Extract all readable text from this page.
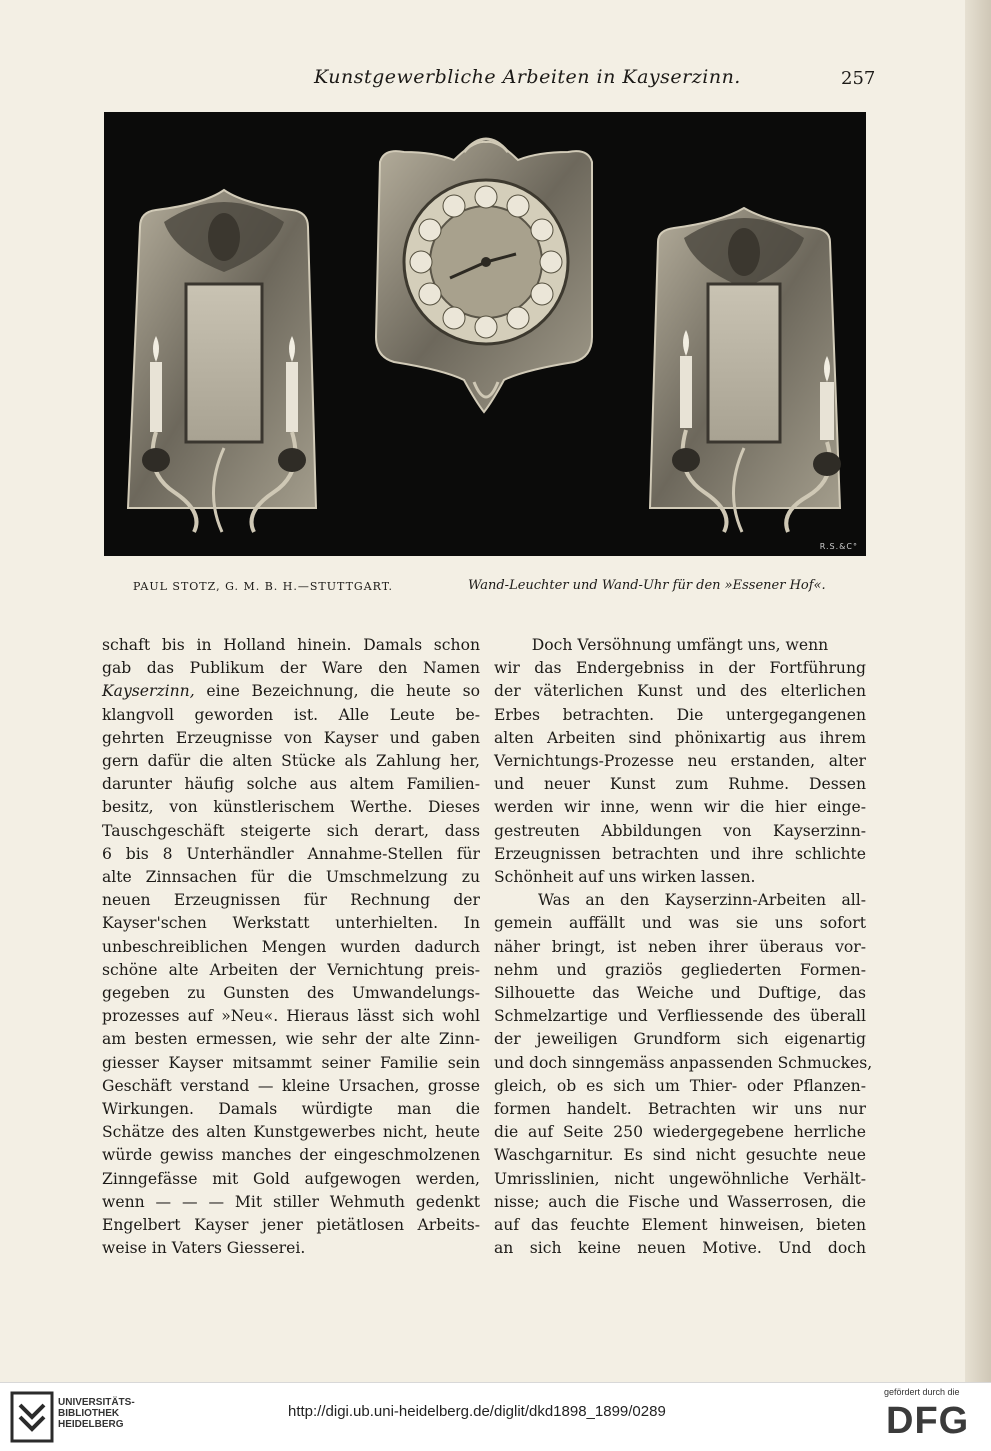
Kunstgewerbliche Arbeiten in Kayserzinn.	257
R.S.&C°
PAUL STOTZ, G. M. B. H.—STUTTGART.	Wand-Leuchter und Wand-Uhr für den »Essener Hof«.
schaft bis in Holland hinein. Damals schon
gab das Publikum der Ware den Namen
Kayserzinn, eine Bezeichnung, die heute so
klangvoll geworden ist. Alle Leute be-
gehrten Erzeugnisse von Kayser und gaben
gern dafür die alten Stücke als Zahlung her,
darunter häufig solche aus altem Familien-
besitz, von künstlerischem Werthe. Dieses
Tauschgeschäft steigerte sich derart, dass
6 bis 8 Unterhändler Annahme-Stellen für
alte Zinnsachen für die Umschmelzung zu
neuen Erzeugnissen für Rechnung der
Kayser'schen Werkstatt unterhielten. In
unbeschreiblichen Mengen wurden dadurch
schöne alte Arbeiten der Vernichtung preis-
gegeben zu Gunsten des Umwandelungs-
prozesses auf »Neu«. Hieraus lässt sich wohl
am besten ermessen, wie sehr der alte Zinn-
giesser Kayser mitsammt seiner Familie sein
Geschäft verstand — kleine Ursachen, grosse
Wirkungen. Damals würdigte man die
Schätze des alten Kunstgewerbes nicht, heute
würde gewiss manches der eingeschmolzenen
Zinngefässe mit Gold aufgewogen werden,
wenn — — — Mit stiller Wehmuth gedenkt
Engelbert Kayser jener pietätlosen Arbeits-
weise in Vaters Giesserei.
Doch Versöhnung umfängt uns, wenn
wir das Endergebniss in der Fortführung
der väterlichen Kunst und des elterlichen
Erbes betrachten. Die untergegangenen
alten Arbeiten sind phönixartig aus ihrem
Vernichtungs-Prozesse neu erstanden, alter
und neuer Kunst zum Ruhme. Dessen
werden wir inne, wenn wir die hier einge-
gestreuten Abbildungen von Kayserzinn-
Erzeugnissen betrachten und ihre schlichte
Schönheit auf uns wirken lassen.
Was an den Kayserzinn-Arbeiten all-
gemein auffällt und was sie uns sofort
näher bringt, ist neben ihrer überaus vor-
nehm und graziös gegliederten Formen-
Silhouette das Weiche und Duftige, das
Schmelzartige und Verfliessende des überall
der jeweiligen Grundform sich eigenartig
und doch sinngemäss anpassenden Schmuckes,
gleich, ob es sich um Thier- oder Pflanzen-
formen handelt. Betrachten wir uns nur
die auf Seite 250 wiedergegebene herrliche
Waschgarnitur. Es sind nicht gesuchte neue
Umrisslinien, nicht ungewöhnliche Verhält-
nisse; auch die Fische und Wasserrosen, die
auf das feuchte Element hinweisen, bieten
an sich keine neuen Motive. Und doch
UNIVERSITÄTS-
BIBLIOTHEK
HEIDELBERG
http://digi.ub.uni-heidelberg.de/diglit/dkd1898_1899/0289
gefördert durch die
DFG
